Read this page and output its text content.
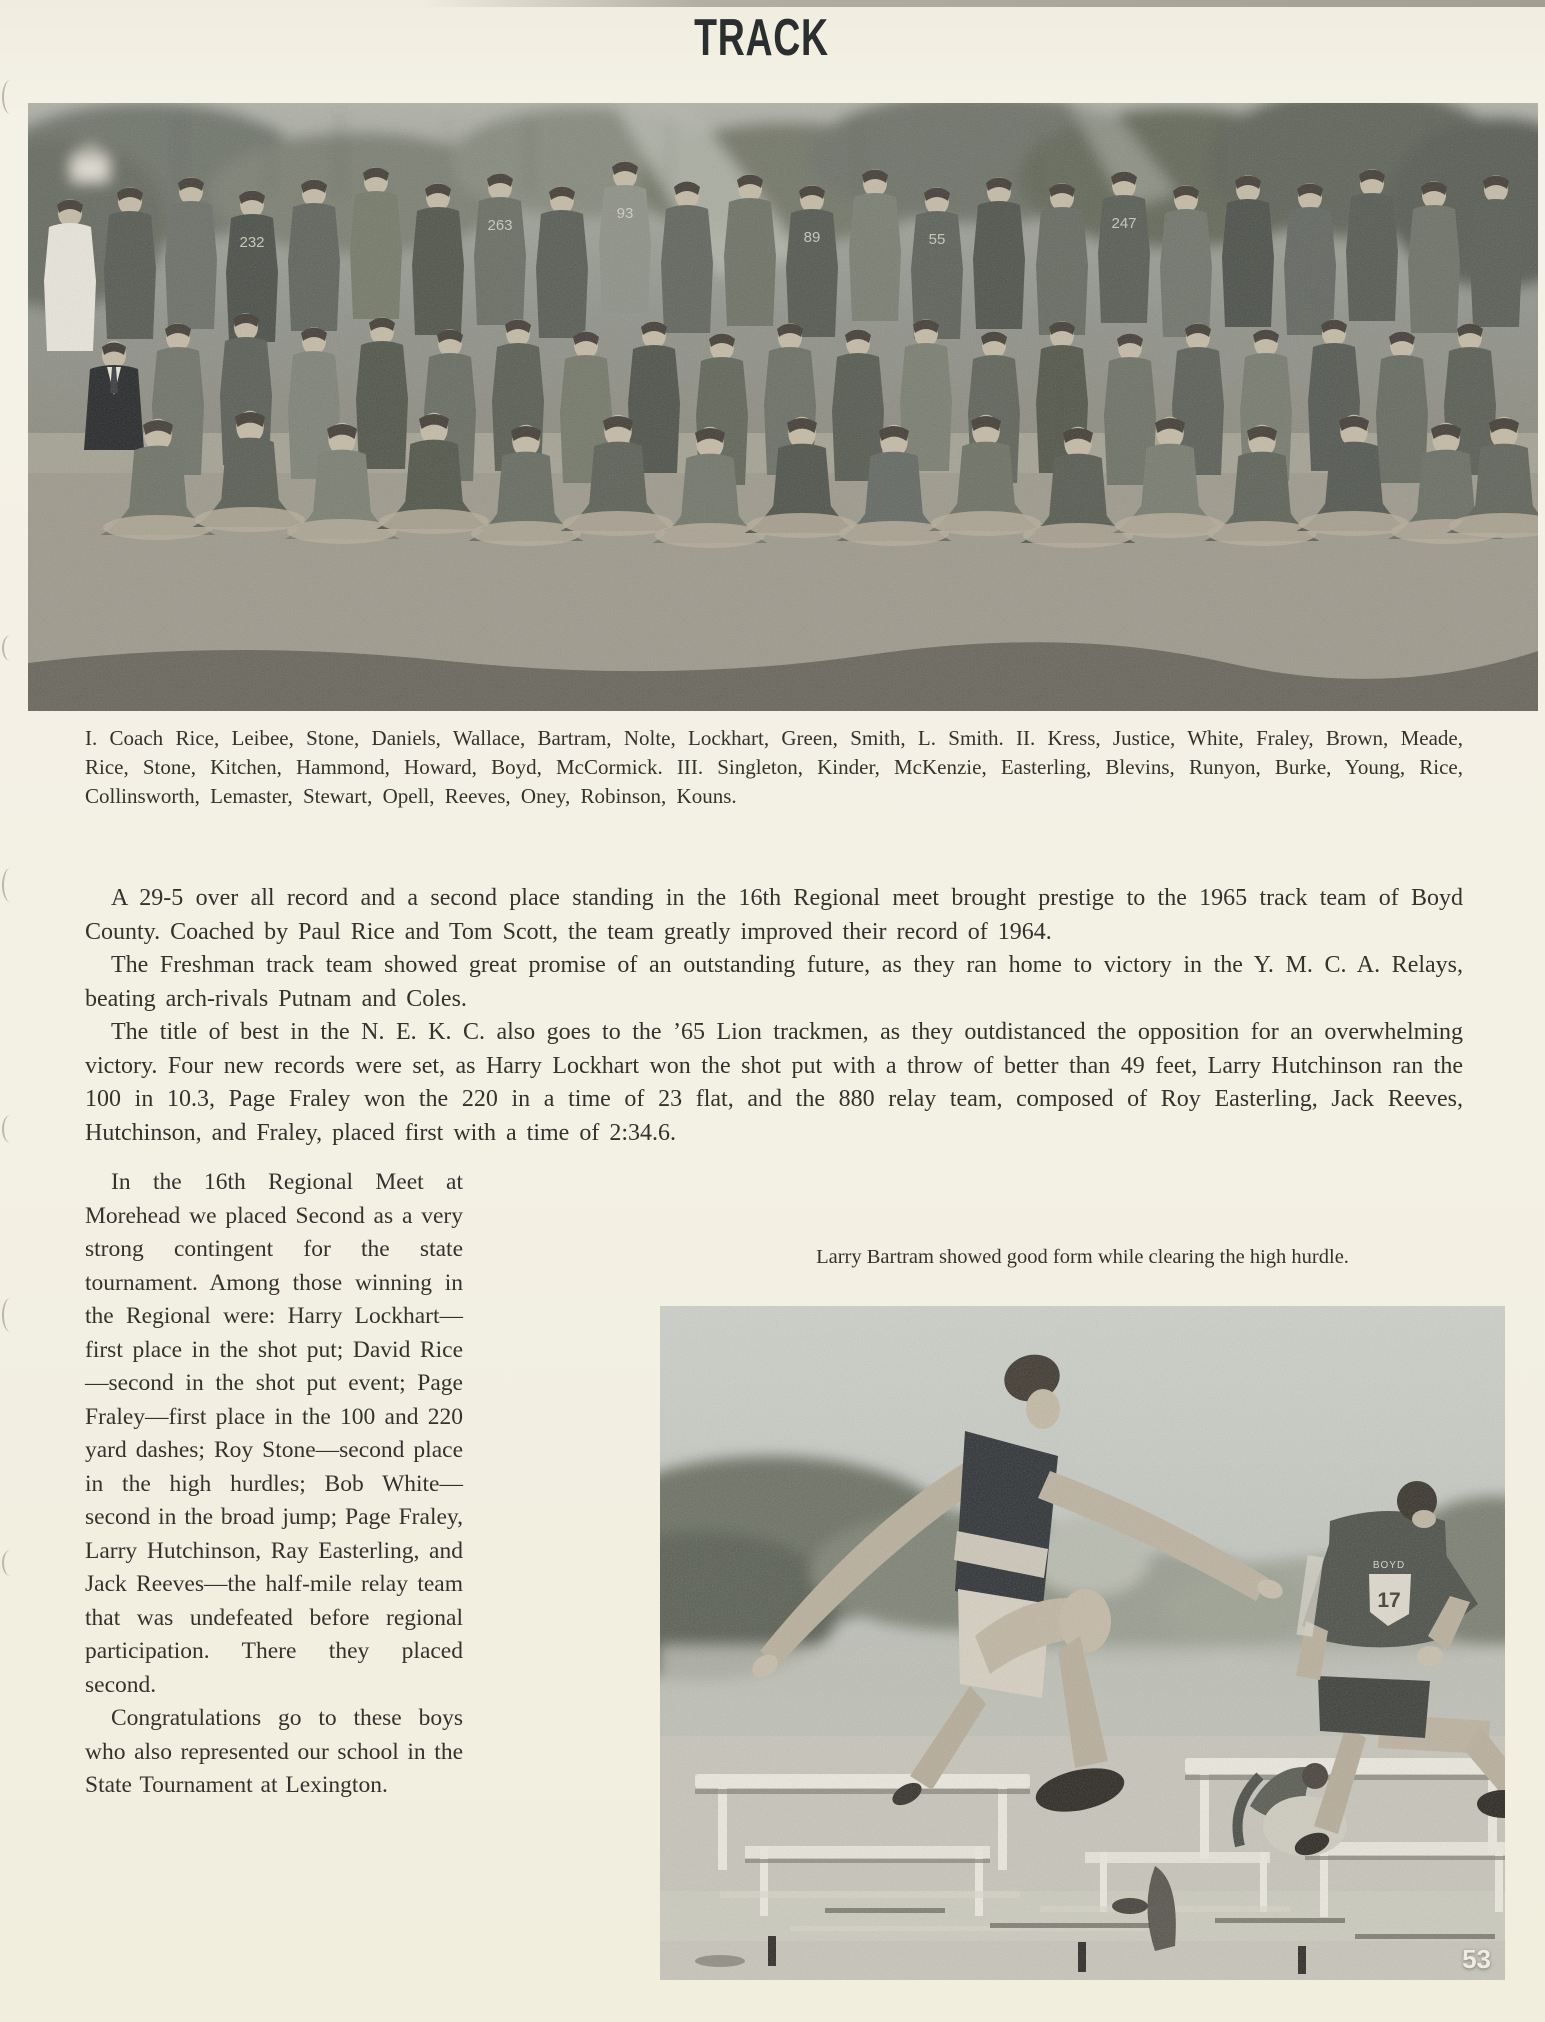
TRACK
232
263
93
89	55
247

I. Coach Rice, Leibee, Stone, Daniels, Wallace, Bartram, Nolte, Lockhart, Green, Smith, L. Smith. II. Kress, Justice, White, Fraley, Brown, Meade, Rice, Stone, Kitchen, Hammond, Howard, Boyd, McCormick. III. Singleton, Kinder, McKenzie, Easterling, Blevins, Runyon, Burke, Young, Rice, Collinsworth, Lemaster, Stewart, Opell, Reeves, Oney, Robinson, Kouns.

A 29-5 over all record and a second place standing in the 16th Regional meet brought prestige to the 1965 track team of Boyd County. Coached by Paul Rice and Tom Scott, the team greatly improved their record of 1964.

The Freshman track team showed great promise of an outstanding future, as they ran home to victory in the Y. M. C. A. Relays, beating arch-rivals Putnam and Coles.

The title of best in the N. E. K. C. also goes to the ’65 Lion trackmen, as they outdistanced the opposition for an overwhelming victory. Four new records were set, as Harry Lockhart won the shot put with a throw of better than 49 feet, Larry Hutchinson ran the 100 in 10.3, Page Fraley won the 220 in a time of 23 flat, and the 880 relay team, composed of Roy Easterling, Jack Reeves, Hutchinson, and Fraley, placed first with a time of 2:34.6.

In the 16th Regional Meet at Morehead we placed Second as a very strong contingent for the state tournament. Among those winning in the Regional were: Harry Lockhart—first place in the shot put; David Rice—second in the shot put event; Page Fraley—first place in the 100 and 220 yard dashes; Roy Stone—second place in the high hurdles; Bob White—second in the broad jump; Page Fraley, Larry Hutchinson, Ray Easterling, and Jack Reeves—the half-mile relay team that was undefeated before regional participation. There they placed second.

Congratulations go to these boys who also represented our school in the State Tournament at Lexington.

Larry Bartram showed good form while clearing the high hurdle.

BOYD
17
53
